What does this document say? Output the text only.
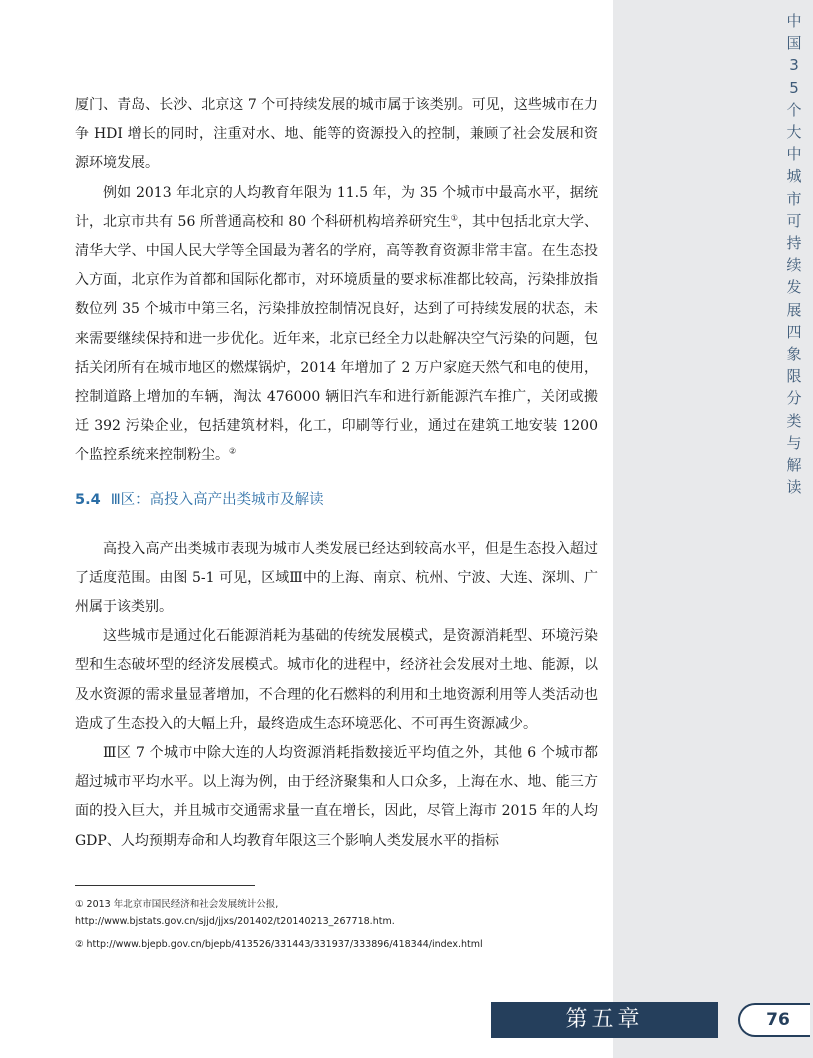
中
国
3
5
个
大
中
城
市
可
持
续
发
展
四
象
限
分
类
与
解
读

厦门、青岛、长沙、北京这 7 个可持续发展的城市属于该类别。可见，这些城市在力争 HDI 增长的同时，注重对水、地、能等的资源投入的控制，兼顾了社会发展和资源环境发展。

例如 2013 年北京的人均教育年限为 11.5 年，为 35 个城市中最高水平，据统计，北京市共有 56 所普通高校和 80 个科研机构培养研究生①，其中包括北京大学、清华大学、中国人民大学等全国最为著名的学府，高等教育资源非常丰富。在生态投入方面，北京作为首都和国际化都市，对环境质量的要求标准都比较高，污染排放指数位列 35 个城市中第三名，污染排放控制情况良好，达到了可持续发展的状态，未来需要继续保持和进一步优化。近年来，北京已经全力以赴解决空气污染的问题，包括关闭所有在城市地区的燃煤锅炉，2014 年增加了 2 万户家庭天然气和电的使用，控制道路上增加的车辆，淘汰 476000 辆旧汽车和进行新能源汽车推广，关闭或搬迁 392 污染企业，包括建筑材料，化工，印刷等行业，通过在建筑工地安装 1200 个监控系统来控制粉尘。②

5.4 Ⅲ区：高投入高产出类城市及解读

高投入高产出类城市表现为城市人类发展已经达到较高水平，但是生态投入超过了适度范围。由图 5-1 可见，区域Ⅲ中的上海、南京、杭州、宁波、大连、深圳、广州属于该类别。

这些城市是通过化石能源消耗为基础的传统发展模式，是资源消耗型、环境污染型和生态破坏型的经济发展模式。城市化的进程中，经济社会发展对土地、能源，以及水资源的需求量显著增加，不合理的化石燃料的利用和土地资源利用等人类活动也造成了生态投入的大幅上升，最终造成生态环境恶化、不可再生资源减少。

Ⅲ区 7 个城市中除大连的人均资源消耗指数接近平均值之外，其他 6 个城市都超过城市平均水平。以上海为例，由于经济聚集和人口众多，上海在水、地、能三方面的投入巨大，并且城市交通需求量一直在增长，因此，尽管上海市 2015 年的人均 GDP、人均预期寿命和人均教育年限这三个影响人类发展水平的指标

① 2013 年北京市国民经济和社会发展统计公报,
http://www.bjstats.gov.cn/sjjd/jjxs/201402/t20140213_267718.htm.
② http://www.bjepb.gov.cn/bjepb/413526/331443/331937/333896/418344/index.html
第五章	76
